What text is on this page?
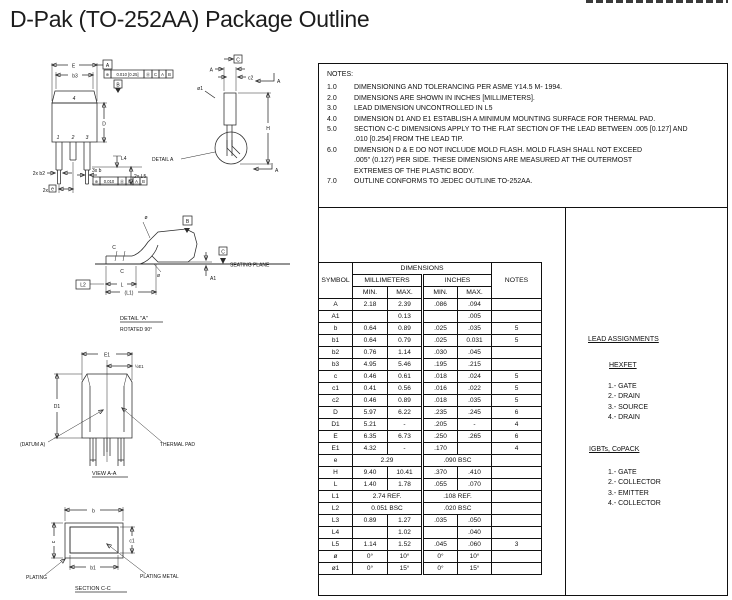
D-Pak (TO-252AA) Package Outline
1 2 3
4
E	A
b3	⊕ 0.010 [0.25] Ⓜ C A B
B
D
L4
2x L5
2x b2
2x e
3x b
⊕ 0.010 Ⓜ C A B
A
C
c2
ø1
H
A
A
DETAIL A
C
C
ø
ø
L
(L1)
L2
A1
B
C
SEATING PLANE
DETAIL "A"
ROTATED 90°
E1
½E1
D1
(DATUM A)	THERMAL PAD
VIEW A-A
b
c	c1
b1
PLATING	PLATING METAL
SECTION C-C
NOTES:
1.0	DIMENSIONING AND TOLERANCING PER ASME Y14.5 M- 1994.
2.0	DIMENSIONS ARE SHOWN IN INCHES [MILLIMETERS].
3.0	LEAD DIMENSION UNCONTROLLED IN L5
4.0	DIMENSION D1 AND E1 ESTABLISH A MINIMUM MOUNTING SURFACE FOR THERMAL PAD.
5.0	SECTION C-C DIMENSIONS APPLY TO THE FLAT SECTION OF THE LEAD BETWEEN .005 [0.127] AND
.010 [0.254] FROM THE LEAD TIP.
6.0	DIMENSION D & E DO NOT INCLUDE MOLD FLASH. MOLD FLASH SHALL NOT EXCEED
.005" (0.127) PER SIDE. THESE DIMENSIONS ARE MEASURED AT THE OUTERMOST
EXTREMES OF THE PLASTIC BODY.
7.0	OUTLINE CONFORMS TO JEDEC OUTLINE TO-252AA.
SYMBOL	DIMENSIONS				NOTES
	MILLIMETERS		INCHES		
	MIN.	MAX.	MIN.	MAX.	
A	2.18	2.39	.086	.094	
A1		0.13		.005	
b	0.64	0.89	.025	.035	5
b1	0.64	0.79	.025	0.031	5
b2	0.76	1.14	.030	.045	
b3	4.95	5.46	.195	.215	
c	0.46	0.61	.018	.024	5
c1	0.41	0.56	.016	.022	5
c2	0.46	0.89	.018	.035	5
D	5.97	6.22	.235	.245	6
D1	5.21	-	.205	-	4
E	6.35	6.73	.250	.265	6
E1	4.32	-	.170		4
e	2.29		.090 BSC		
H	9.40	10.41	.370	.410	
L	1.40	1.78	.055	.070	
L1	2.74 REF.		.108 REF.		
L2	0.051 BSC		.020 BSC		
L3	0.89	1.27	.035	.050	
L4		1.02		.040	
L5	1.14	1.52	.045	.060	3
ø	0°	10°	0°	10°	
ø1	0°	15°	0°	15°	
LEAD ASSIGNMENTS
HEXFET
1.- GATE
2.- DRAIN
3.- SOURCE
4.- DRAIN
IGBTs, CoPACK
1.- GATE
2.- COLLECTOR
3.- EMITTER
4.- COLLECTOR
